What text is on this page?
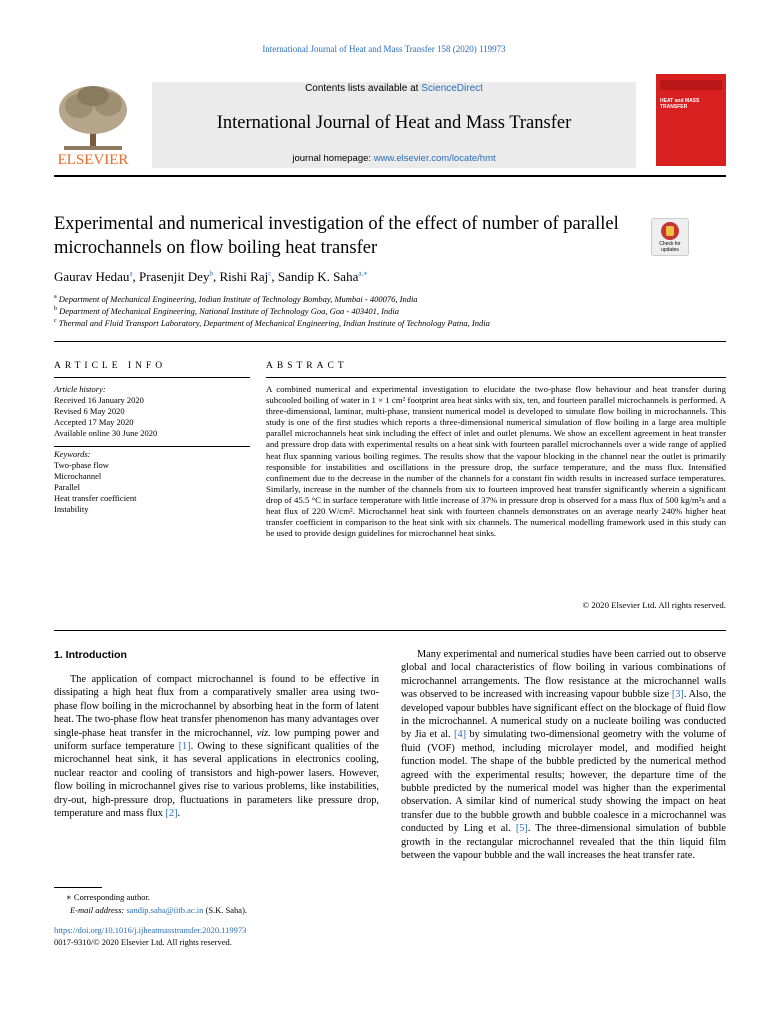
International Journal of Heat and Mass Transfer 158 (2020) 119973
ELSEVIER
Contents lists available at ScienceDirect
International Journal of Heat and Mass Transfer
journal homepage: www.elsevier.com/locate/hmt
HEAT and MASS TRANSFER
Experimental and numerical investigation of the effect of number of parallel microchannels on flow boiling heat transfer	Check for updates
Gaurav Hedau$^a$, Prasenjit Dey$^b$, Rishi Raj$^c$, Sandip K. Saha$^{a,∗}$
$^a$ Department of Mechanical Engineering, Indian Institute of Technology Bombay, Mumbai - 400076, India
$^b$ Department of Mechanical Engineering, National Institute of Technology Goa, Goa - 403401, India
$^c$ Thermal and Fluid Transport Laboratory, Department of Mechanical Engineering, Indian Institute of Technology Patna, India
ARTICLE INFO	ABSTRACT
Article history:
Received 16 January 2020
Revised 6 May 2020
Accepted 17 May 2020
Available online 30 June 2020
Keywords:
Two-phase flow
Microchannel
Parallel
Heat transfer coefficient
Instability
A combined numerical and experimental investigation to elucidate the two-phase flow behaviour and heat transfer during subcooled boiling of water in 1 × 1 cm² footprint area heat sinks with six, ten, and fourteen parallel microchannels is performed. A three-dimensional, laminar, multi-phase, transient numerical model is developed to simulate flow boiling in microchannels. This study is one of the first studies which reports a three-dimensional numerical simulation of flow boiling in a large area multiple parallel microchannels heat sink including the effect of inlet and outlet plenums. We show an excellent agreement in heat transfer and pressure drop data with experimental results on a heat sink with fourteen parallel microchannels over a wide range of applied heat flux spanning various boiling regimes. The results show that the vapour blocking in the channel near the outlet is primarily responsible for instabilities and oscillations in the pressure drop, the surface temperature, and the mass flux. Intensified confinement due to the decrease in the number of the channels for a constant fin width results in increased surface temperatures. Similarly, increase in the number of the channels from six to fourteen improved heat transfer significantly wherein a significant drop of 45.5 °C in surface temperature with little increase of 37% in pressure drop is observed for a mass flux of 500 kg/m²s and a heat flux of 220 W/cm². Microchannel heat sink with fourteen channels demonstrates on an average nearly 240% higher heat transfer coefficient in comparison to the heat sink with six channels. The numerical modelling framework used in this study can be used to provide design guidelines for microchannel heat sinks.
© 2020 Elsevier Ltd. All rights reserved.
1. Introduction
The application of compact microchannel is found to be effective in dissipating a high heat flux from a comparatively smaller area using two-phase flow boiling in the microchannel by absorbing heat in the form of latent heat. The two-phase flow heat transfer phenomenon has many advantages over single-phase heat transfer in the microchannel, viz. low pumping power and uniform surface temperature [1]. Owing to these significant qualities of the microchannel heat sink, it has several applications in electronics cooling, nuclear reactor and cooling of transistors and high-power lasers. However, flow boiling in microchannel gives rise to various problems, like instabilities, dry-out, high-pressure drop, fluctuations in parameters like pressure drop, temperature and mass flux [2].
Many experimental and numerical studies have been carried out to observe global and local characteristics of flow boiling in various combinations of microchannel arrangements. The flow resistance at the microchannel walls was observed to be increased with increasing vapour bubble size [3]. Also, the developed vapour bubbles have significant effect on the blockage of fluid flow in the microchannel. A numerical study on a nucleate boiling was conducted by Jia et al. [4] by simulating two-dimensional geometry with the volume of fluid (VOF) method, including microlayer model, and modified height function model. The shape of the bubble predicted by the numerical method agreed with the experimental results; however, the departure time of the bubble predicted by the numerical model was higher than the experimental observation. A similar kind of numerical study showing the impact on heat transfer due to the bubble growth and bubble coalesce in a microchannel was conducted by Ling et al. [5]. The three-dimensional simulation of bubble growth in the rectangular microchannel revealed that the thin liquid film between the vapour bubble and the wall increases the heat transfer rate.
∗ Corresponding author.
E-mail address: sandip.saha@iitb.ac.in (S.K. Saha).
https://doi.org/10.1016/j.ijheatmasstransfer.2020.119973
0017-9310/© 2020 Elsevier Ltd. All rights reserved.
